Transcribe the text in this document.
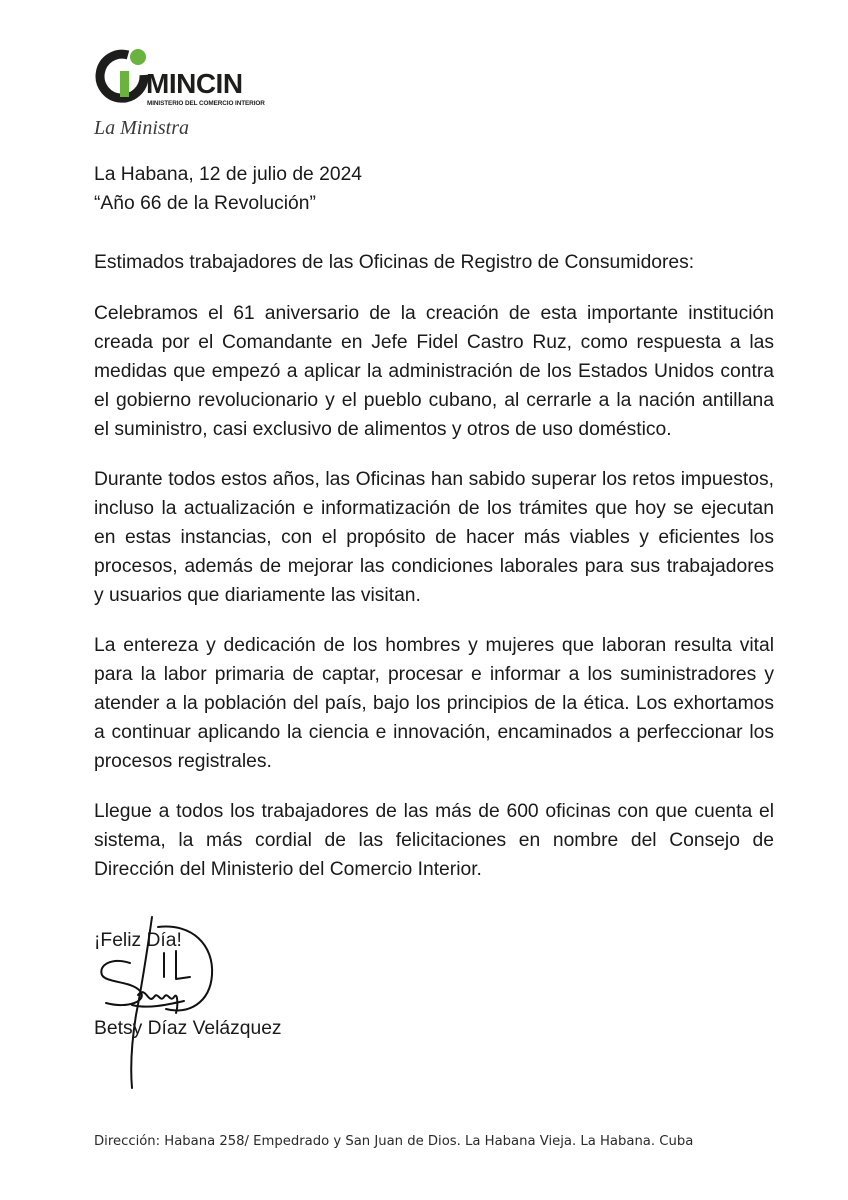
MINCIN
MINISTERIO DEL COMERCIO INTERIOR
La Ministra

La Habana, 12 de julio de 2024

“Año 66 de la Revolución”

Estimados trabajadores de las Oficinas de Registro de Consumidores:

Celebramos el 61 aniversario de la creación de esta importante institución creada por el Comandante en Jefe Fidel Castro Ruz, como respuesta a las medidas que empezó a aplicar la administración de los Estados Unidos contra el gobierno revolucionario y el pueblo cubano, al cerrarle a la nación antillana el suministro, casi exclusivo de alimentos y otros de uso doméstico.

Durante todos estos años, las Oficinas han sabido superar los retos impuestos, incluso la actualización e informatización de los trámites que hoy se ejecutan en estas instancias, con el propósito de hacer más viables y eficientes los procesos, además de mejorar las condiciones laborales para sus trabajadores y usuarios que diariamente las visitan.

La entereza y dedicación de los hombres y mujeres que laboran resulta vital para la labor primaria de captar, procesar e informar a los suministradores y atender a la población del país, bajo los principios de la ética. Los exhortamos a continuar aplicando la ciencia e innovación, encaminados a perfeccionar los procesos registrales.

Llegue a todos los trabajadores de las más de 600 oficinas con que cuenta el sistema, la más cordial de las felicitaciones en nombre del Consejo de Dirección del Ministerio del Comercio Interior.

¡Feliz Día!
Betsy Díaz Velázquez
Dirección: Habana 258/ Empedrado y San Juan de Dios. La Habana Vieja. La Habana. Cuba
